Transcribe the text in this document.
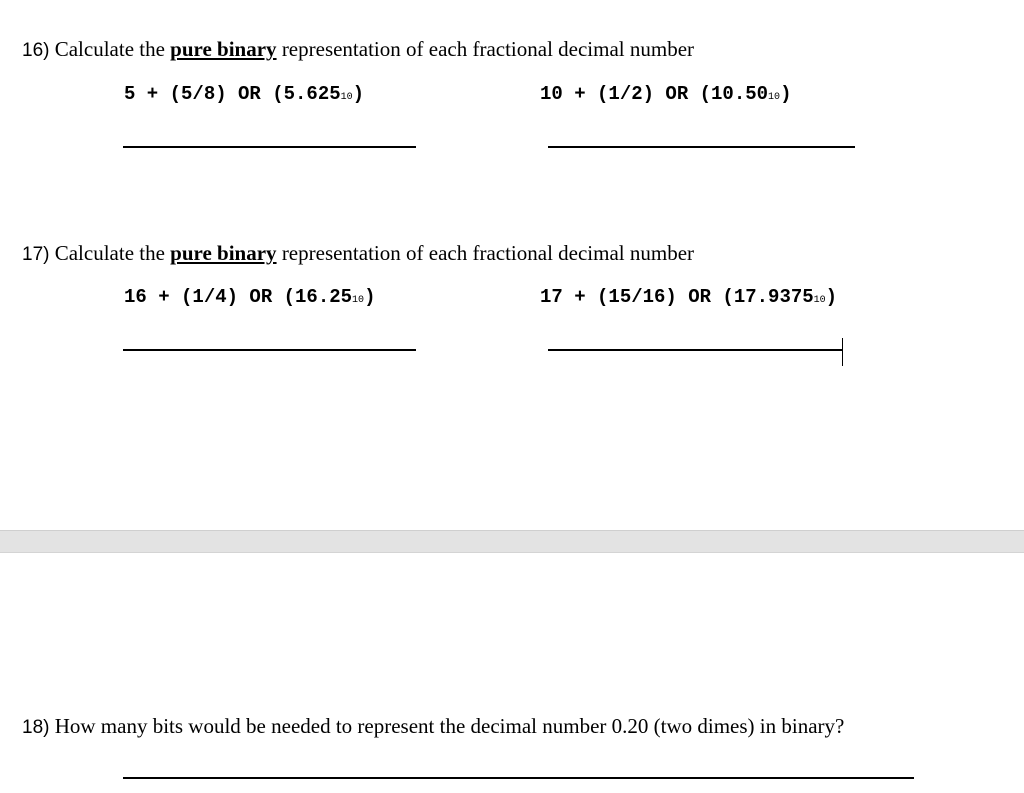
16) Calculate the pure binary representation of each fractional decimal number
5 + (5/8) OR (5.62510)	10 + (1/2) OR (10.5010)
17) Calculate the pure binary representation of each fractional decimal number
16 + (1/4) OR (16.2510)	17 + (15/16) OR (17.937510)
18) How many bits would be needed to represent the decimal number 0.20 (two dimes) in binary?
